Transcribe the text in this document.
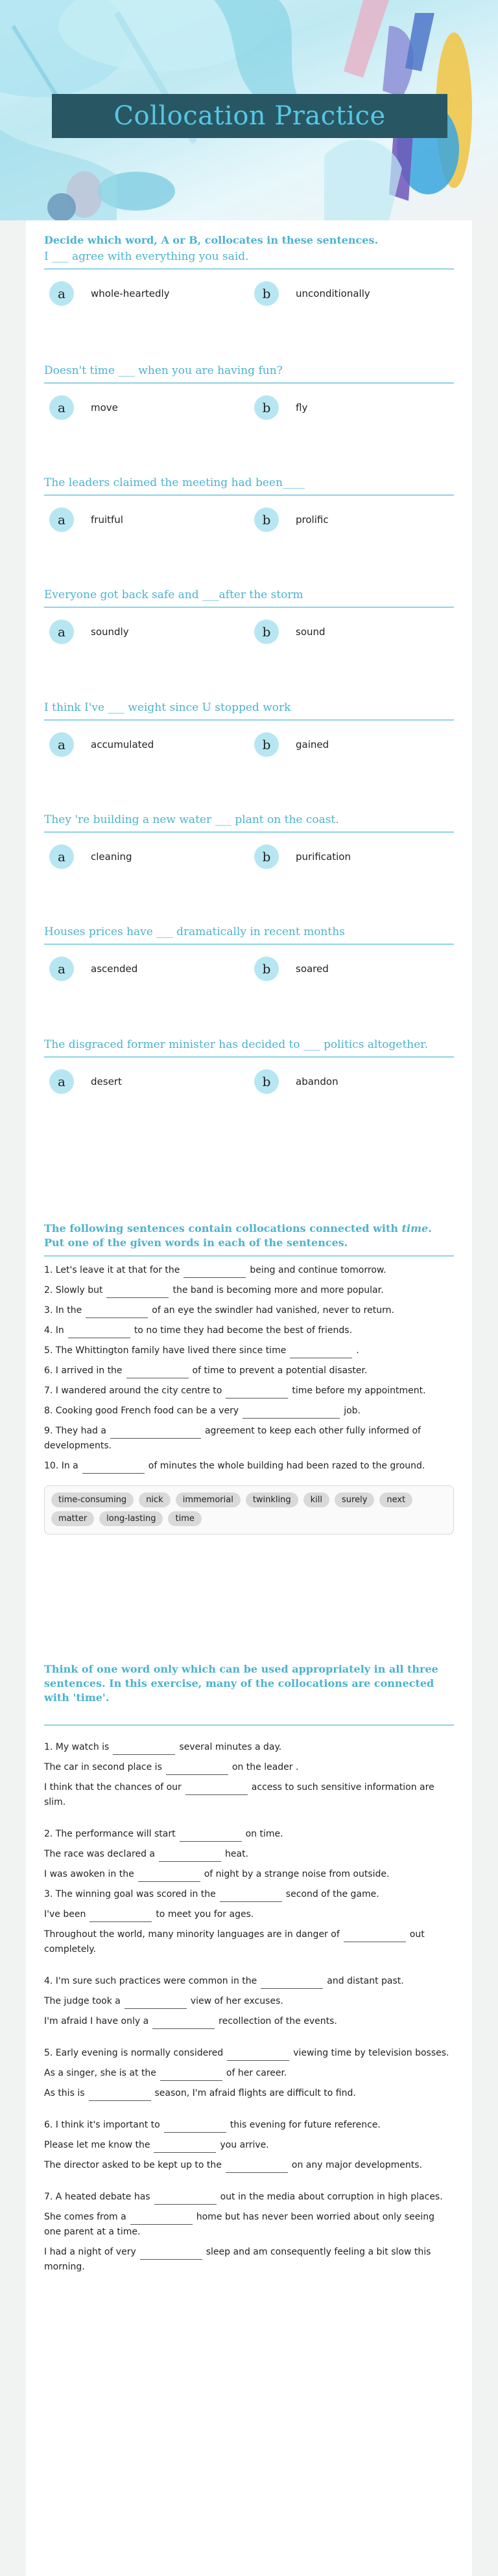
Collocation Practice

Decide which word, A or B, collocates in these sentences.

I ___ agree with everything you said.

a	whole-heartedly	b	unconditionally

Doesn't time ___ when you are having fun?

a	move	b	fly

The leaders claimed the meeting had been____

a	fruitful	b	prolific

Everyone got back safe and ___after the storm

a	soundly	b	sound

I think I've ___ weight since U stopped work

a	accumulated	b	gained

They 're building a new water ___ plant on the coast.

a	cleaning	b	purification

Houses prices have ___ dramatically in recent months

a	ascended	b	soared

The disgraced former minister has decided to ___ politics altogether.

a	desert	b	abandon

The following sentences contain collocations connected with time. Put one of the given words in each of the sentences.

1. Let's leave it at that for the	being and continue tomorrow.

2. Slowly but	the band is becoming more and more popular.

3. In the	of an eye the swindler had vanished, never to return.

4. In	to no time they had become the best of friends.

5. The Whittington family have lived there since time	.

6. I arrived in the	of time to prevent a potential disaster.

7. I wandered around the city centre to	time before my appointment.

8. Cooking good French food can be a very	job.

9. They had a	agreement to keep each other fully informed of developments.

10. In a	of minutes the whole building had been razed to the ground.

time-consuming	nick	immemorial	twinkling	kill	surely	next
matter	long-lasting	time

Think of one word only which can be used appropriately in all three sentences. In this exercise, many of the collocations are connected with 'time'.

1. My watch is	several minutes a day.

The car in second place is	on the leader .

I think that the chances of our	access to such sensitive information are slim.

2. The performance will start	on time.

The race was declared a	heat.

I was awoken in the	of night by a strange noise from outside.

3. The winning goal was scored in the	second of the game.

I've been	to meet you for ages.

Throughout the world, many minority languages are in danger of	out completely.

4. I'm sure such practices were common in the	and distant past.

The judge took a	view of her excuses.

I'm afraid I have only a	recollection of the events.

5. Early evening is normally considered	viewing time by television bosses.

As a singer, she is at the	of her career.

As this is	season, I'm afraid flights are difficult to find.

6. I think it's important to	this evening for future reference.

Please let me know the	you arrive.

The director asked to be kept up to the	on any major developments.

7. A heated debate has	out in the media about corruption in high places.

She comes from a	home but has never been worried about only seeing one parent at a time.

I had a night of very	sleep and am consequently feeling a bit slow this morning.
